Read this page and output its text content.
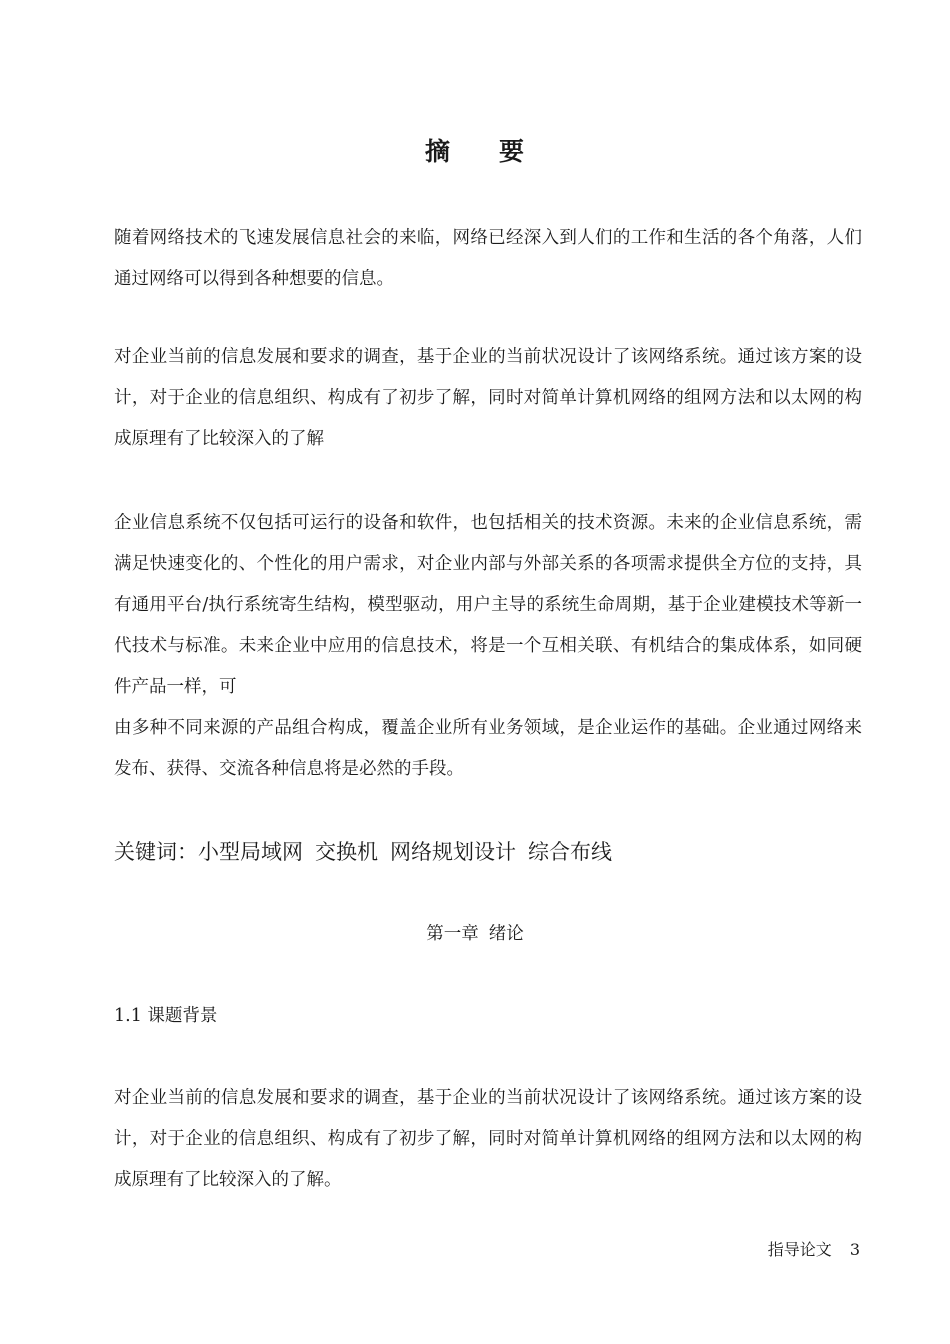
摘 要

随着网络技术的飞速发展信息社会的来临，网络已经深入到人们的工作和生活的各个角落，人们通过网络可以得到各种想要的信息。

对企业当前的信息发展和要求的调查，基于企业的当前状况设计了该网络系统。通过该方案的设计，对于企业的信息组织、构成有了初步了解，同时对简单计算机网络的组网方法和以太网的构成原理有了比较深入的了解

企业信息系统不仅包括可运行的设备和软件，也包括相关的技术资源。未来的企业信息系统，需满足快速变化的、个性化的用户需求，对企业内部与外部关系的各项需求提供全方位的支持，具有通用平台/执行系统寄生结构，模型驱动，用户主导的系统生命周期，基于企业建模技术等新一代技术与标准。未来企业中应用的信息技术，将是一个互相关联、有机结合的集成体系，如同硬件产品一样，可

由多种不同来源的产品组合构成，覆盖企业所有业务领域，是企业运作的基础。企业通过网络来发布、获得、交流各种信息将是必然的手段。

关键词：小型局域网 交换机 网络规划设计 综合布线

第一章 绪论

1.1 课题背景

对企业当前的信息发展和要求的调查，基于企业的当前状况设计了该网络系统。通过该方案的设计，对于企业的信息组织、构成有了初步了解，同时对简单计算机网络的组网方法和以太网的构成原理有了比较深入的了解。

指导论文 3
